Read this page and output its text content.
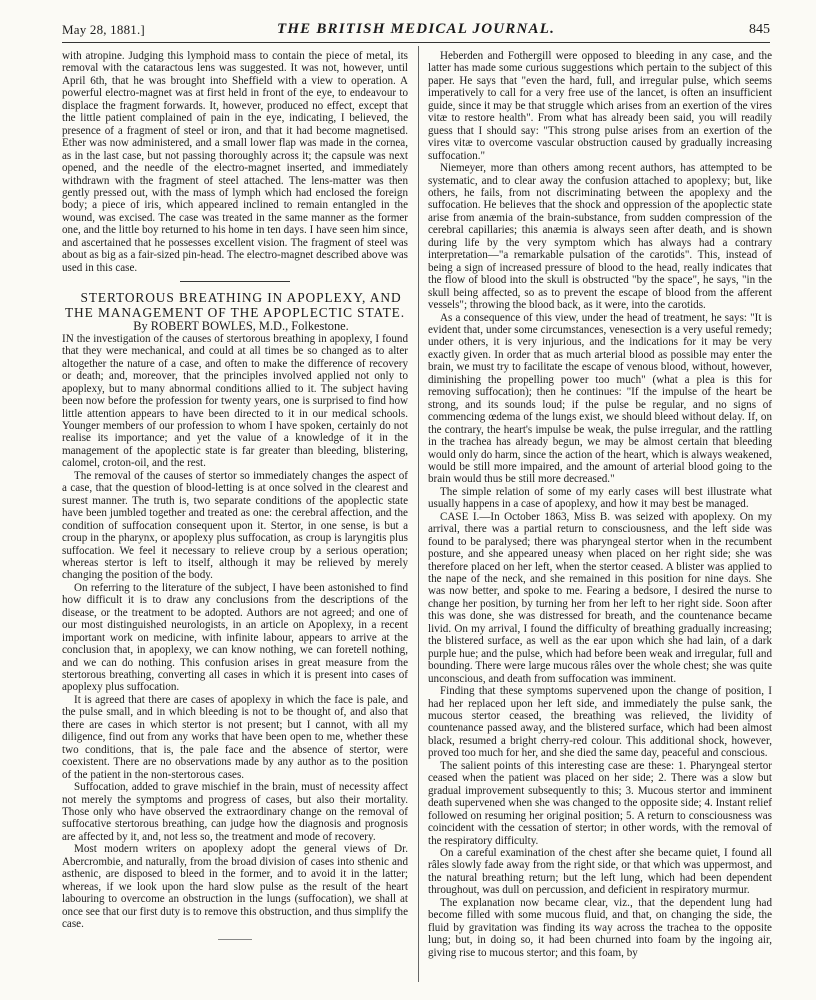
May 28, 1881.]	THE BRITISH MEDICAL JOURNAL.	845

with atropine. Judging this lymphoid mass to contain the piece of metal, its removal with the cataractous lens was suggested. It was not, however, until April 6th, that he was brought into Sheffield with a view to operation. A powerful electro-magnet was at first held in front of the eye, to endeavour to displace the fragment forwards. It, however, produced no effect, except that the little patient complained of pain in the eye, indicating, I believed, the presence of a fragment of steel or iron, and that it had become magnetised. Ether was now administered, and a small lower flap was made in the cornea, as in the last case, but not passing thoroughly across it; the capsule was next opened, and the needle of the electro-magnet inserted, and immediately withdrawn with the fragment of steel attached. The lens-matter was then gently pressed out, with the mass of lymph which had enclosed the foreign body; a piece of iris, which appeared inclined to remain entangled in the wound, was excised. The case was treated in the same manner as the former one, and the little boy returned to his home in ten days. I have seen him since, and ascertained that he possesses excellent vision. The fragment of steel was about as big as a fair-sized pin-head. The electro-magnet described above was used in this case.

STERTOROUS BREATHING IN APOPLEXY, AND THE MANAGEMENT OF THE APOPLECTIC STATE.

By ROBERT BOWLES, M.D., Folkestone.

IN the investigation of the causes of stertorous breathing in apoplexy, I found that they were mechanical, and could at all times be so changed as to alter altogether the nature of a case, and often to make the difference of recovery or death; and, moreover, that the principles involved applied not only to apoplexy, but to many abnormal conditions allied to it. The subject having been now before the profession for twenty years, one is surprised to find how little attention appears to have been directed to it in our medical schools. Younger members of our profession to whom I have spoken, certainly do not realise its importance; and yet the value of a knowledge of it in the management of the apoplectic state is far greater than bleeding, blistering, calomel, croton-oil, and the rest.

The removal of the causes of stertor so immediately changes the aspect of a case, that the question of blood-letting is at once solved in the clearest and surest manner. The truth is, two separate conditions of the apoplectic state have been jumbled together and treated as one: the cerebral affection, and the condition of suffocation consequent upon it. Stertor, in one sense, is but a croup in the pharynx, or apoplexy plus suffocation, as croup is laryngitis plus suffocation. We feel it necessary to relieve croup by a serious operation; whereas stertor is left to itself, although it may be relieved by merely changing the position of the body.

On referring to the literature of the subject, I have been astonished to find how difficult it is to draw any conclusions from the descriptions of the disease, or the treatment to be adopted. Authors are not agreed; and one of our most distinguished neurologists, in an article on Apoplexy, in a recent important work on medicine, with infinite labour, appears to arrive at the conclusion that, in apoplexy, we can know nothing, we can foretell nothing, and we can do nothing. This confusion arises in great measure from the stertorous breathing, converting all cases in which it is present into cases of apoplexy plus suffocation.

It is agreed that there are cases of apoplexy in which the face is pale, and the pulse small, and in which bleeding is not to be thought of, and also that there are cases in which stertor is not present; but I cannot, with all my diligence, find out from any works that have been open to me, whether these two conditions, that is, the pale face and the absence of stertor, were coexistent. There are no observations made by any author as to the position of the patient in the non-stertorous cases.

Suffocation, added to grave mischief in the brain, must of necessity affect not merely the symptoms and progress of cases, but also their mortality. Those only who have observed the extraordinary change on the removal of suffocative stertorous breathing, can judge how the diagnosis and prognosis are affected by it, and, not less so, the treatment and mode of recovery.

Most modern writers on apoplexy adopt the general views of Dr. Abercrombie, and naturally, from the broad division of cases into sthenic and asthenic, are disposed to bleed in the former, and to avoid it in the latter; whereas, if we look upon the hard slow pulse as the result of the heart labouring to overcome an obstruction in the lungs (suffocation), we shall at once see that our first duty is to remove this obstruction, and thus simplify the case.

Heberden and Fothergill were opposed to bleeding in any case, and the latter has made some curious suggestions which pertain to the subject of this paper. He says that "even the hard, full, and irregular pulse, which seems imperatively to call for a very free use of the lancet, is often an insufficient guide, since it may be that struggle which arises from an exertion of the vires vitæ to restore health". From what has already been said, you will readily guess that I should say: "This strong pulse arises from an exertion of the vires vitæ to overcome vascular obstruction caused by gradually increasing suffocation."

Niemeyer, more than others among recent authors, has attempted to be systematic, and to clear away the confusion attached to apoplexy; but, like others, he fails, from not discriminating between the apoplexy and the suffocation. He believes that the shock and oppression of the apoplectic state arise from anæmia of the brain-substance, from sudden compression of the cerebral capillaries; this anæmia is always seen after death, and is shown during life by the very symptom which has always had a contrary interpretation—"a remarkable pulsation of the carotids". This, instead of being a sign of increased pressure of blood to the head, really indicates that the flow of blood into the skull is obstructed "by the space", he says, "in the skull being affected, so as to prevent the escape of blood from the afferent vessels"; throwing the blood back, as it were, into the carotids.

As a consequence of this view, under the head of treatment, he says: "It is evident that, under some circumstances, venesection is a very useful remedy; under others, it is very injurious, and the indications for it may be very exactly given. In order that as much arterial blood as possible may enter the brain, we must try to facilitate the escape of venous blood, without, however, diminishing the propelling power too much" (what a plea is this for removing suffocation); then he continues: "If the impulse of the heart be strong, and its sounds loud; if the pulse be regular, and no signs of commencing œdema of the lungs exist, we should bleed without delay. If, on the contrary, the heart's impulse be weak, the pulse irregular, and the rattling in the trachea has already begun, we may be almost certain that bleeding would only do harm, since the action of the heart, which is always weakened, would be still more impaired, and the amount of arterial blood going to the brain would thus be still more decreased."

The simple relation of some of my early cases will best illustrate what usually happens in a case of apoplexy, and how it may best be managed.

CASE I.—In October 1863, Miss B. was seized with apoplexy. On my arrival, there was a partial return to consciousness, and the left side was found to be paralysed; there was pharyngeal stertor when in the recumbent posture, and she appeared uneasy when placed on her right side; she was therefore placed on her left, when the stertor ceased. A blister was applied to the nape of the neck, and she remained in this position for nine days. She was now better, and spoke to me. Fearing a bedsore, I desired the nurse to change her position, by turning her from her left to her right side. Soon after this was done, she was distressed for breath, and the countenance became livid. On my arrival, I found the difficulty of breathing gradually increasing; the blistered surface, as well as the ear upon which she had lain, of a dark purple hue; and the pulse, which had before been weak and irregular, full and bounding. There were large mucous râles over the whole chest; she was quite unconscious, and death from suffocation was imminent.

Finding that these symptoms supervened upon the change of position, I had her replaced upon her left side, and immediately the pulse sank, the mucous stertor ceased, the breathing was relieved, the lividity of countenance passed away, and the blistered surface, which had been almost black, resumed a bright cherry-red colour. This additional shock, however, proved too much for her, and she died the same day, peaceful and conscious.

The salient points of this interesting case are these: 1. Pharyngeal stertor ceased when the patient was placed on her side; 2. There was a slow but gradual improvement subsequently to this; 3. Mucous stertor and imminent death supervened when she was changed to the opposite side; 4. Instant relief followed on resuming her original position; 5. A return to consciousness was coincident with the cessation of stertor; in other words, with the removal of the respiratory difficulty.

On a careful examination of the chest after she became quiet, I found all râles slowly fade away from the right side, or that which was uppermost, and the natural breathing return; but the left lung, which had been dependent throughout, was dull on percussion, and deficient in respiratory murmur.

The explanation now became clear, viz., that the dependent lung had become filled with some mucous fluid, and that, on changing the side, the fluid by gravitation was finding its way across the trachea to the opposite lung; but, in doing so, it had been churned into foam by the ingoing air, giving rise to mucous stertor; and this foam, by
